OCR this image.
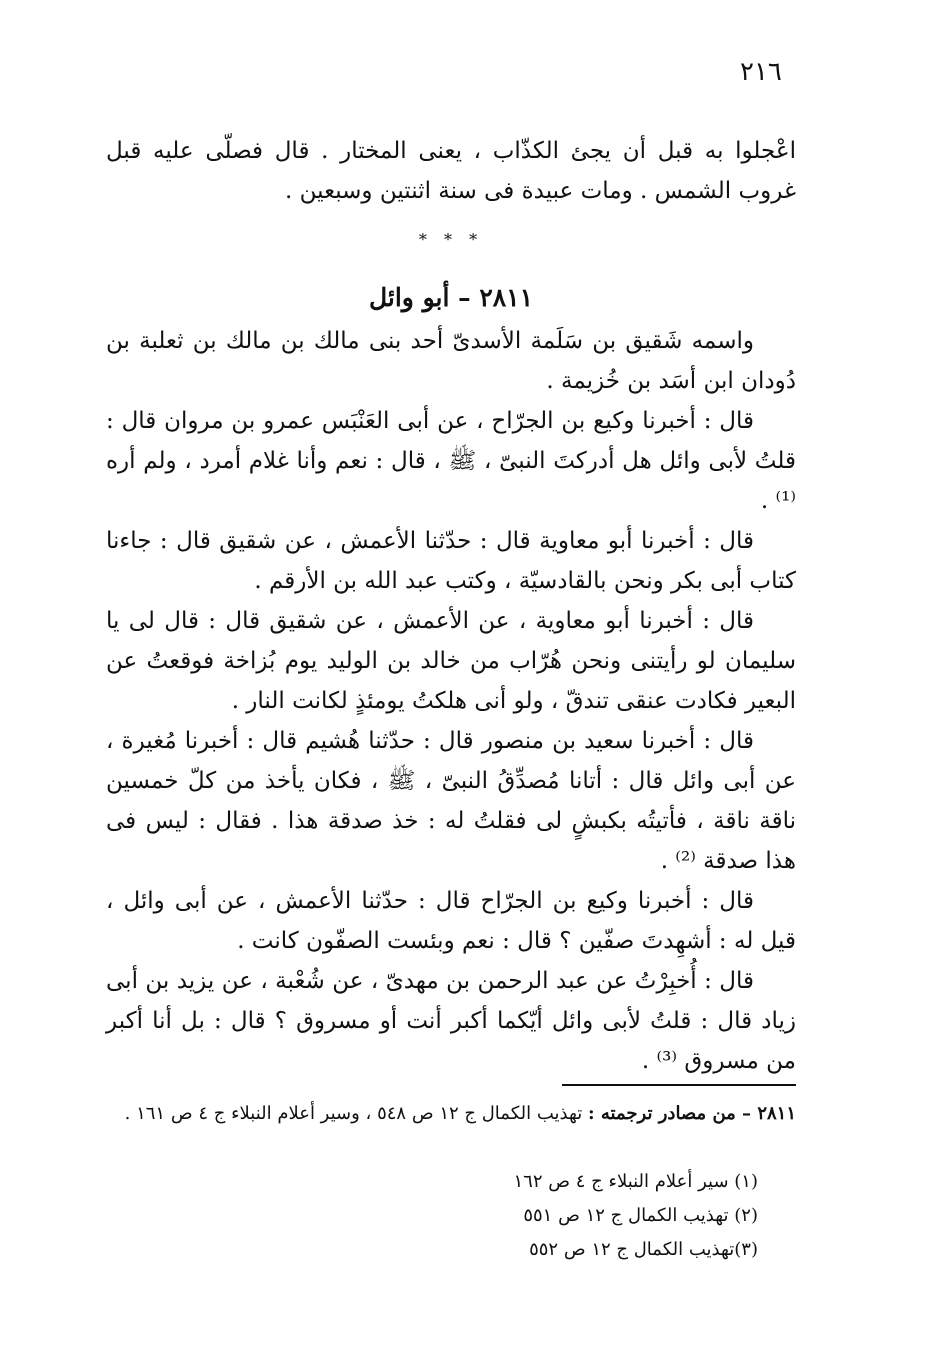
٢١٦

اعْجلوا به قبل أن يجئ الكذّاب ، يعنى المختار . قال فصلّى عليه قبل غروب الشمس . ومات عبيدة فى سنة اثنتين وسبعين .

* * *
٢٨١١ – أبو وائل

واسمه شَقيق بن سَلَمة الأسدىّ أحد بنى مالك بن مالك بن ثعلبة بن دُودان ابن أسَد بن خُزيمة .

قال : أخبرنا وكيع بن الجرّاح ، عن أبى العَنْبَس عمرو بن مروان قال : قلتُ لأبى وائل هل أدركتَ النبىّ ، ﷺ ، قال : نعم وأنا غلام أمرد ، ولم أره ⁽¹⁾ .

قال : أخبرنا أبو معاوية قال : حدّثنا الأعمش ، عن شقيق قال : جاءنا كتاب أبى بكر ونحن بالقادسيّة ، وكتب عبد الله بن الأرقم .

قال : أخبرنا أبو معاوية ، عن الأعمش ، عن شقيق قال : قال لى يا سليمان لو رأيتنى ونحن هُرّاب من خالد بن الوليد يوم بُزاخة فوقعتُ عن البعير فكادت عنقى تندقّ ، ولو أنى هلكتُ يومئذٍ لكانت النار .

قال : أخبرنا سعيد بن منصور قال : حدّثنا هُشيم قال : أخبرنا مُغيرة ، عن أبى وائل قال : أتانا مُصدِّقُ النبىّ ، ﷺ ، فكان يأخذ من كلّ خمسين ناقة ناقة ، فأتيتُه بكبشٍ لى فقلتُ له : خذ صدقة هذا . فقال : ليس فى هذا صدقة ⁽²⁾ .

قال : أخبرنا وكيع بن الجرّاح قال : حدّثنا الأعمش ، عن أبى وائل ، قيل له : أشهِدتَ صفّين ؟ قال : نعم وبئست الصفّون كانت .

قال : أُخبِرْتُ عن عبد الرحمن بن مهدىّ ، عن شُعْبة ، عن يزيد بن أبى زياد قال : قلتُ لأبى وائل أيّكما أكبر أنت أو مسروق ؟ قال : بل أنا أكبر من مسروق ⁽³⁾ .

٢٨١١ – من مصادر ترجمته : تهذيب الكمال ج ١٢ ص ٥٤٨ ، وسير أعلام النبلاء ج ٤ ص ١٦١ .
(١) سير أعلام النبلاء ج ٤ ص ١٦٢
(٢) تهذيب الكمال ج ١٢ ص ٥٥١
(٣)تهذيب الكمال ج ١٢ ص ٥٥٢
